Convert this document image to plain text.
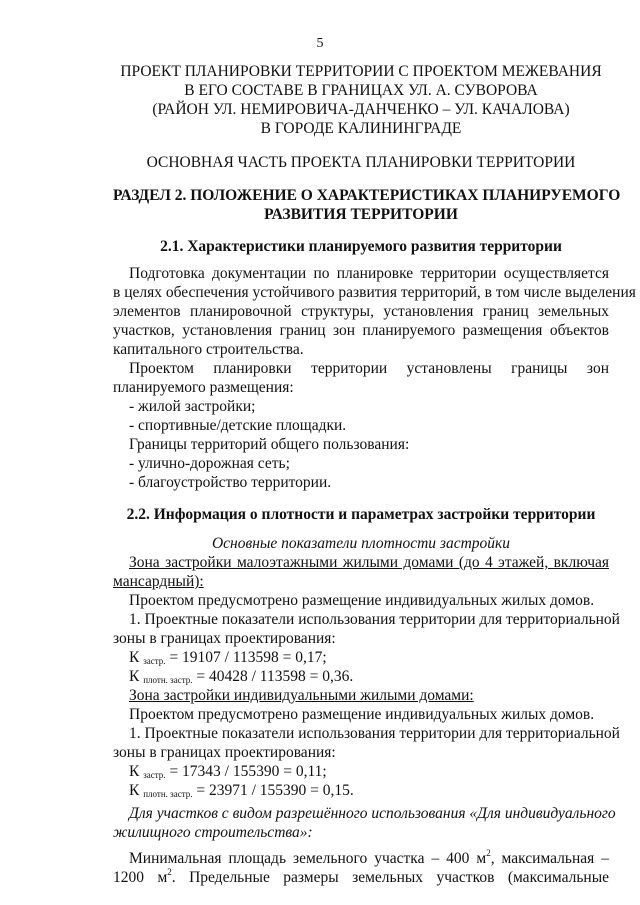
5
ПРОЕКТ ПЛАНИРОВКИ ТЕРРИТОРИИ С ПРОЕКТОМ МЕЖЕВАНИЯ
В ЕГО СОСТАВЕ В ГРАНИЦАХ УЛ. А. СУВОРОВА
(РАЙОН УЛ. НЕМИРОВИЧА-ДАНЧЕНКО – УЛ. КАЧАЛОВА)
В ГОРОДЕ КАЛИНИНГРАДЕ
ОСНОВНАЯ ЧАСТЬ ПРОЕКТА ПЛАНИРОВКИ ТЕРРИТОРИИ
РАЗДЕЛ 2. ПОЛОЖЕНИЕ О ХАРАКТЕРИСТИКАХ ПЛАНИРУЕМОГО
РАЗВИТИЯ ТЕРРИТОРИИ
2.1. Характеристики планируемого развития территории
Подготовка документации по планировке территории осуществляется
в целях обеспечения устойчивого развития территорий, в том числе выделения
элементов планировочной структуры, установления границ земельных
участков, установления границ зон планируемого размещения объектов
капитального строительства.
Проектом планировки территории установлены границы зон
планируемого размещения:
- жилой застройки;
- спортивные/детские площадки.
Границы территорий общего пользования:
- улично-дорожная сеть;
- благоустройство территории.
2.2. Информация о плотности и параметрах застройки территории
Основные показатели плотности застройки
Зона застройки малоэтажными жилыми домами (до 4 этажей, включая
мансардный):
Проектом предусмотрено размещение индивидуальных жилых домов.
1. Проектные показатели использования территории для территориальной
зоны в границах проектирования:
К $_{застр.}$ = 19107 / 113598 = 0,17;
К $_{плотн. застр.}$ = 40428 / 113598 = 0,36.
Зона застройки индивидуальными жилыми домами:
Проектом предусмотрено размещение индивидуальных жилых домов.
1. Проектные показатели использования территории для территориальной
зоны в границах проектирования:
К $_{застр.}$ = 17343 / 155390 = 0,11;
К $_{плотн. застр.}$ = 23971 / 155390 = 0,15.
Для участков с видом разрешённого использования «Для индивидуального
жилищного строительства»:
Минимальная площадь земельного участка – 400 $м^2$, максимальная –
1200 $м^2$. Предельные размеры земельных участков (максимальные
